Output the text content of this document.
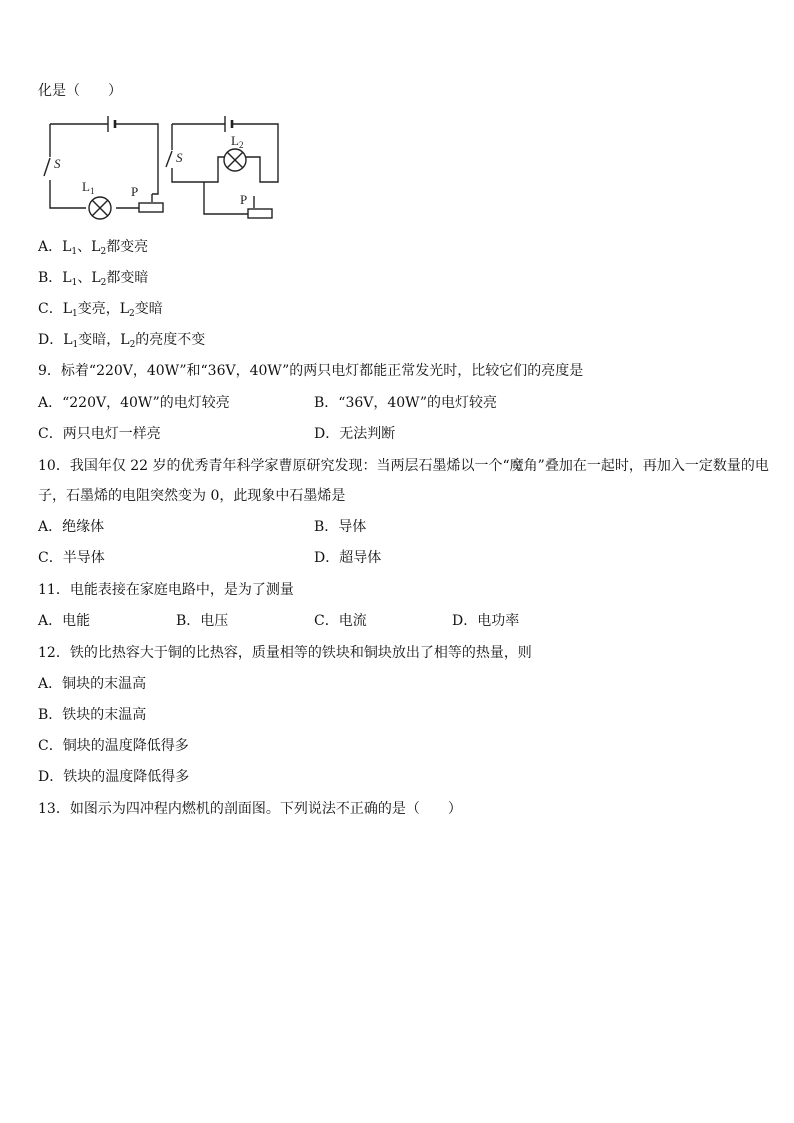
化是（　　）
S	S
L 1	P
L 2
P
A．$L_1$、$L_2$都变亮
B．$L_1$、$L_2$都变暗
C．$L_1$变亮，$L_2$变暗
D．$L_1$变暗，$L_2$的亮度不变
9．标着“220V，40W”和“36V，40W”的两只电灯都能正常发光时，比较它们的亮度是
A．“220V，40W”的电灯较亮	B．“36V，40W”的电灯较亮
C．两只电灯一样亮	D．无法判断
10．我国年仅 22 岁的优秀青年科学家曹原研究发现：当两层石墨烯以一个“魔角”叠加在一起时，再加入一定数量的电
子，石墨烯的电阻突然变为 0，此现象中石墨烯是
A．绝缘体	B．导体
C．半导体	D．超导体
11．电能表接在家庭电路中，是为了测量
A．电能	B．电压	C．电流	D．电功率
12．铁的比热容大于铜的比热容，质量相等的铁块和铜块放出了相等的热量，则
A．铜块的末温高
B．铁块的末温高
C．铜块的温度降低得多
D．铁块的温度降低得多
13．如图示为四冲程内燃机的剖面图。下列说法不正确的是（　　）
